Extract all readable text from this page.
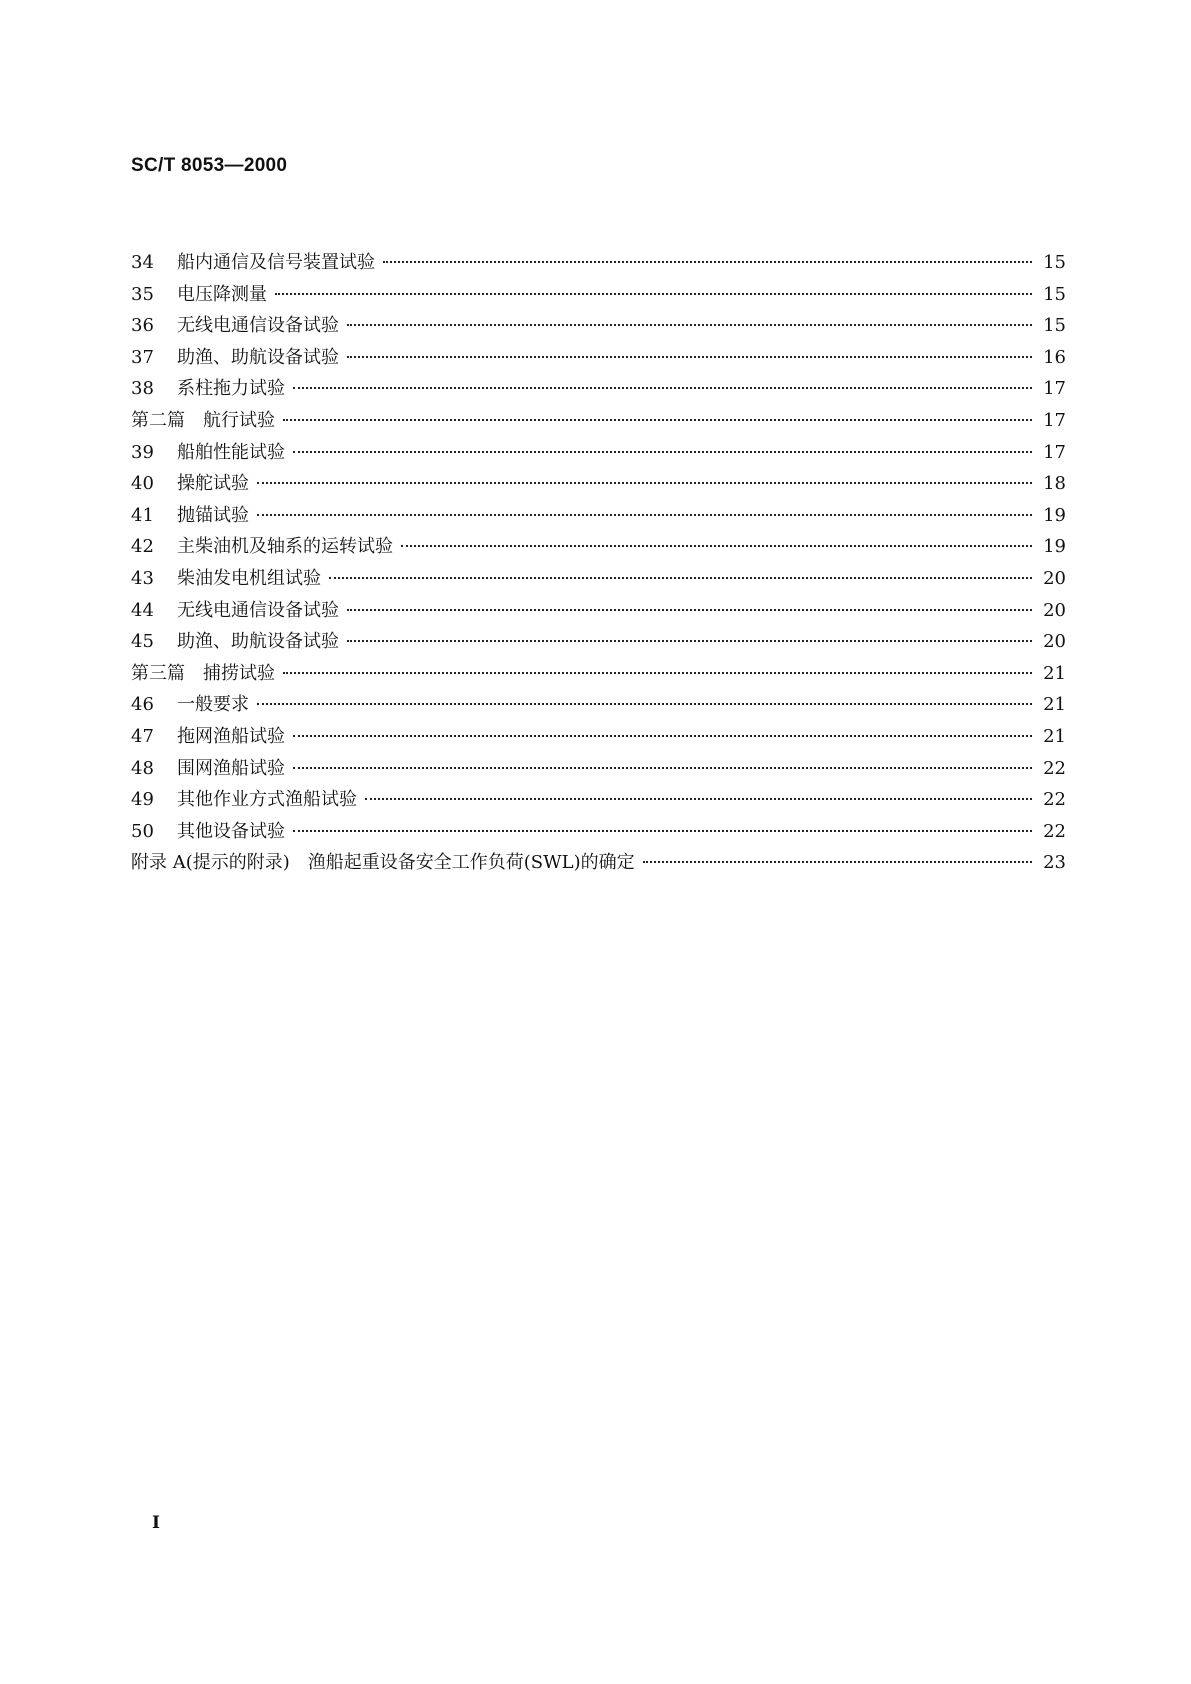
SC/T 8053—2000
34	船内通信及信号装置试验	15
35	电压降测量	15
36	无线电通信设备试验	15
37	助渔、助航设备试验	16
38	系柱拖力试验	17
第二篇　航行试验	17
39	船舶性能试验	17
40	操舵试验	18
41	抛锚试验	19
42	主柴油机及轴系的运转试验	19
43	柴油发电机组试验	20
44	无线电通信设备试验	20
45	助渔、助航设备试验	20
第三篇　捕捞试验	21
46	一般要求	21
47	拖网渔船试验	21
48	围网渔船试验	22
49	其他作业方式渔船试验	22
50	其他设备试验	22
附录 A(提示的附录)　渔船起重设备安全工作负荷(SWL)的确定	23
I
